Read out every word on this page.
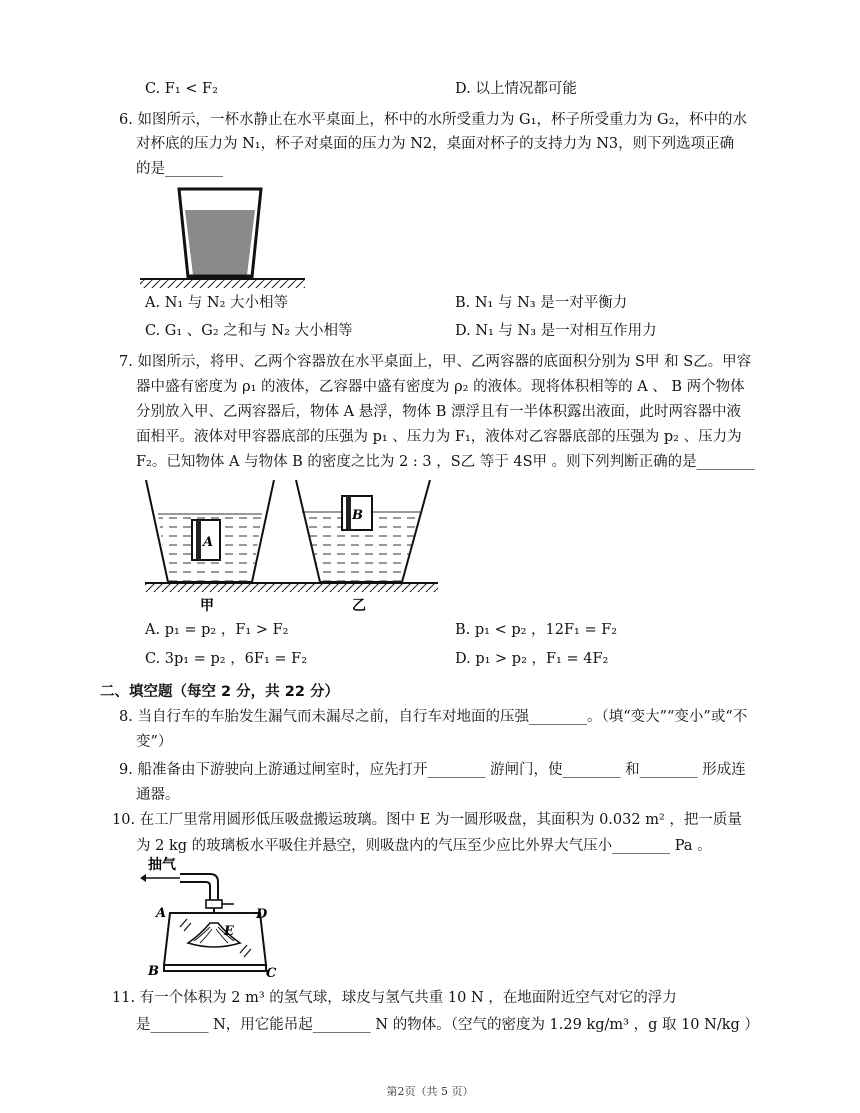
C. F₁ < F₂	D. 以上情况都可能
6. 如图所示，一杯水静止在水平桌面上，杯中的水所受重力为 G₁，杯子所受重力为 G₂，杯中的水
对杯底的压力为 N₁，杯子对桌面的压力为 N2，桌面对杯子的支持力为 N3，则下列选项正确
的是________
A. N₁ 与 N₂ 大小相等	B. N₁ 与 N₃ 是一对平衡力
C. G₁ 、G₂ 之和与 N₂ 大小相等	D. N₁ 与 N₃ 是一对相互作用力
7. 如图所示，将甲、乙两个容器放在水平桌面上，甲、乙两容器的底面积分别为 S甲 和 S乙。甲容
器中盛有密度为 ρ₁ 的液体，乙容器中盛有密度为 ρ₂ 的液体。现将体积相等的 A 、 B 两个物体
分别放入甲、乙两容器后，物体 A 悬浮，物体 B 漂浮且有一半体积露出液面，此时两容器中液
面相平。液体对甲容器底部的压强为 p₁ 、压力为 F₁，液体对乙容器底部的压强为 p₂ 、压力为
F₂。已知物体 A 与物体 B 的密度之比为 2 : 3 ，S乙 等于 4S甲 。则下列判断正确的是________
A
B
甲	乙
A. p₁ = p₂ ，F₁ > F₂	B. p₁ < p₂ ，12F₁ = F₂
C. 3p₁ = p₂ ，6F₁ = F₂	D. p₁ > p₂ ，F₁ = 4F₂
二、填空题（每空 2 分，共 22 分）
8. 当自行车的车胎发生漏气而未漏尽之前，自行车对地面的压强________。（填“变大”“变小”或“不
变”）
9. 船准备由下游驶向上游通过闸室时，应先打开________ 游闸门，使________ 和________ 形成连
通器。
10. 在工厂里常用圆形低压吸盘搬运玻璃。图中 E 为一圆形吸盘，其面积为 0.032 m² ，把一质量
为 2 kg 的玻璃板水平吸住并悬空，则吸盘内的气压至少应比外界大气压小________ Pa 。
抽气
A	D
E
B	C
11. 有一个体积为 2 m³ 的氢气球，球皮与氢气共重 10 N ，在地面附近空气对它的浮力
是________ N，用它能吊起________ N 的物体。（空气的密度为 1.29 kg/m³ ，g 取 10 N/kg ）
第2页（共 5 页）
